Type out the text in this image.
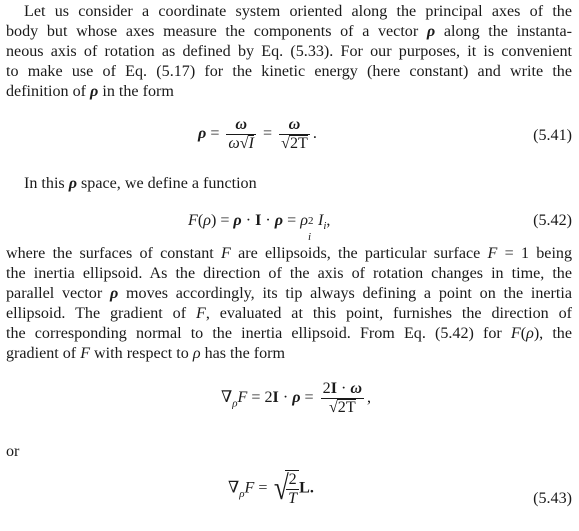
Let us consider a coordinate system oriented along the principal axes of the
body but whose axes measure the components of a vector ρ along the instanta-
neous axis of rotation as defined by Eq. (5.33). For our purposes, it is convenient
to make use of Eq. (5.17) for the kinetic energy (here constant) and write the
definition of ρ in the form
$\rho = \frac{\omega}{\omega√I} = \frac{\omega}{√2T}$ .	(5.41)
In this ρ space, we define a function
F(ρ) = ρ · I · ρ = ρ 2
i
$I_i$,	(5.42)
where the surfaces of constant F are ellipsoids, the particular surface F = 1 being
the inertia ellipsoid. As the direction of the axis of rotation changes in time, the
parallel vector ρ moves accordingly, its tip always defining a point on the inertia
ellipsoid. The gradient of F, evaluated at this point, furnishes the direction of
the corresponding normal to the inertia ellipsoid. From Eq. (5.42) for F(ρ), the
gradient of F with respect to ρ has the form
$\nabla_\rho F = 2I \cdot \rho = \frac{2I \cdot \omega}{√2T}$ ,
or
$\nabla_\rho F$ = √
$\frac{2}{T} L$.
(5.43)
